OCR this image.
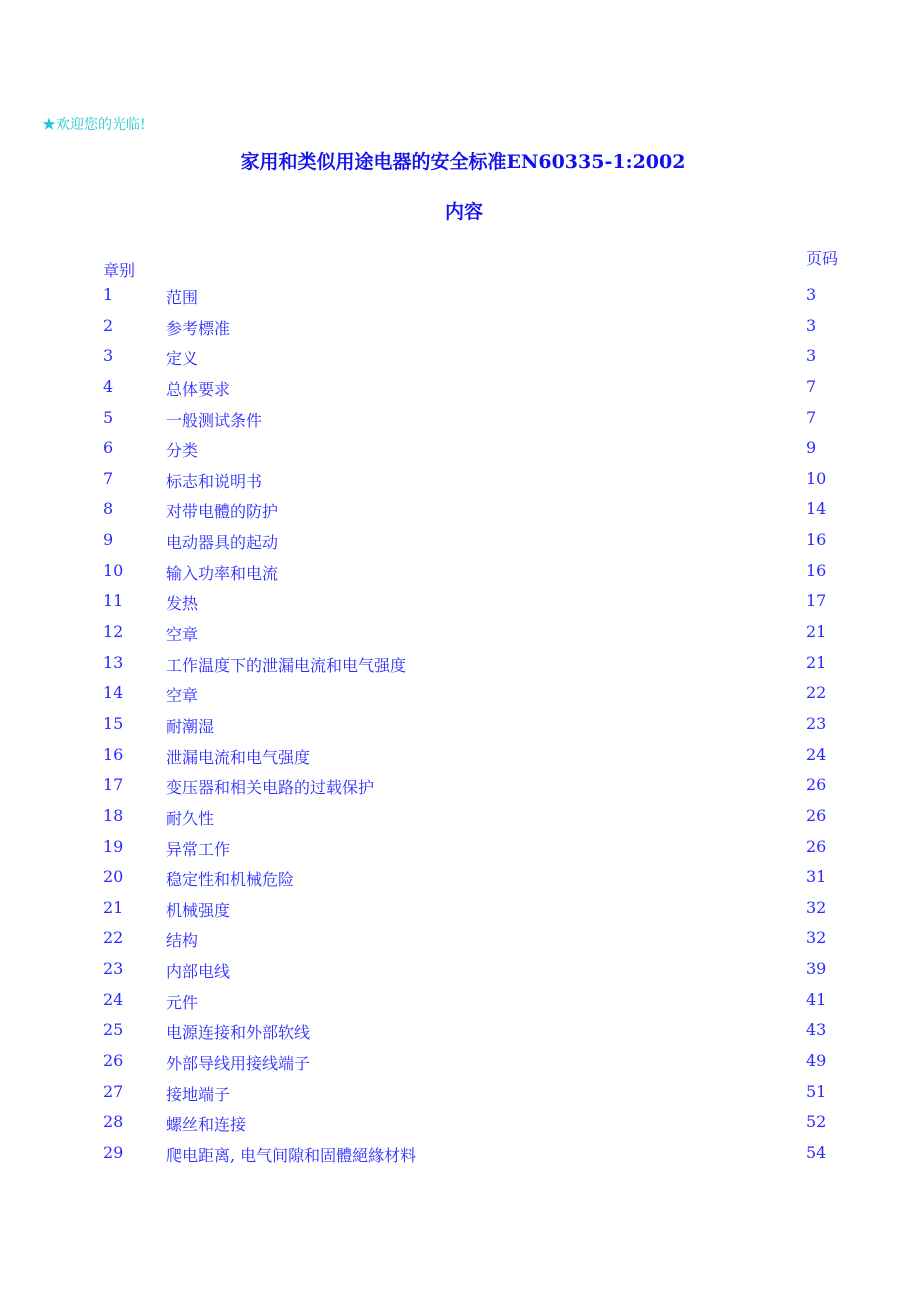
★欢迎您的光临!
家用和类似用途电器的安全标准EN60335-1:2002
内容
章别
页码
1	范围	3
2	参考標准	3
3	定义	3
4	总体要求	7
5	一般测试条件	7
6	分类	9
7	标志和说明书	10
8	对带电體的防护	14
9	电动器具的起动	16
10	输入功率和电流	16
11	发热	17
12	空章	21
13	工作温度下的泄漏电流和电气强度	21
14	空章	22
15	耐潮湿	23
16	泄漏电流和电气强度	24
17	变压器和相关电路的过载保护	26
18	耐久性	26
19	异常工作	26
20	稳定性和机械危险	31
21	机械强度	32
22	结构	32
23	内部电线	39
24	元件	41
25	电源连接和外部软线	43
26	外部导线用接线端子	49
27	接地端子	51
28	螺丝和连接	52
29	爬电距离, 电气间隙和固體絕緣材料	54
